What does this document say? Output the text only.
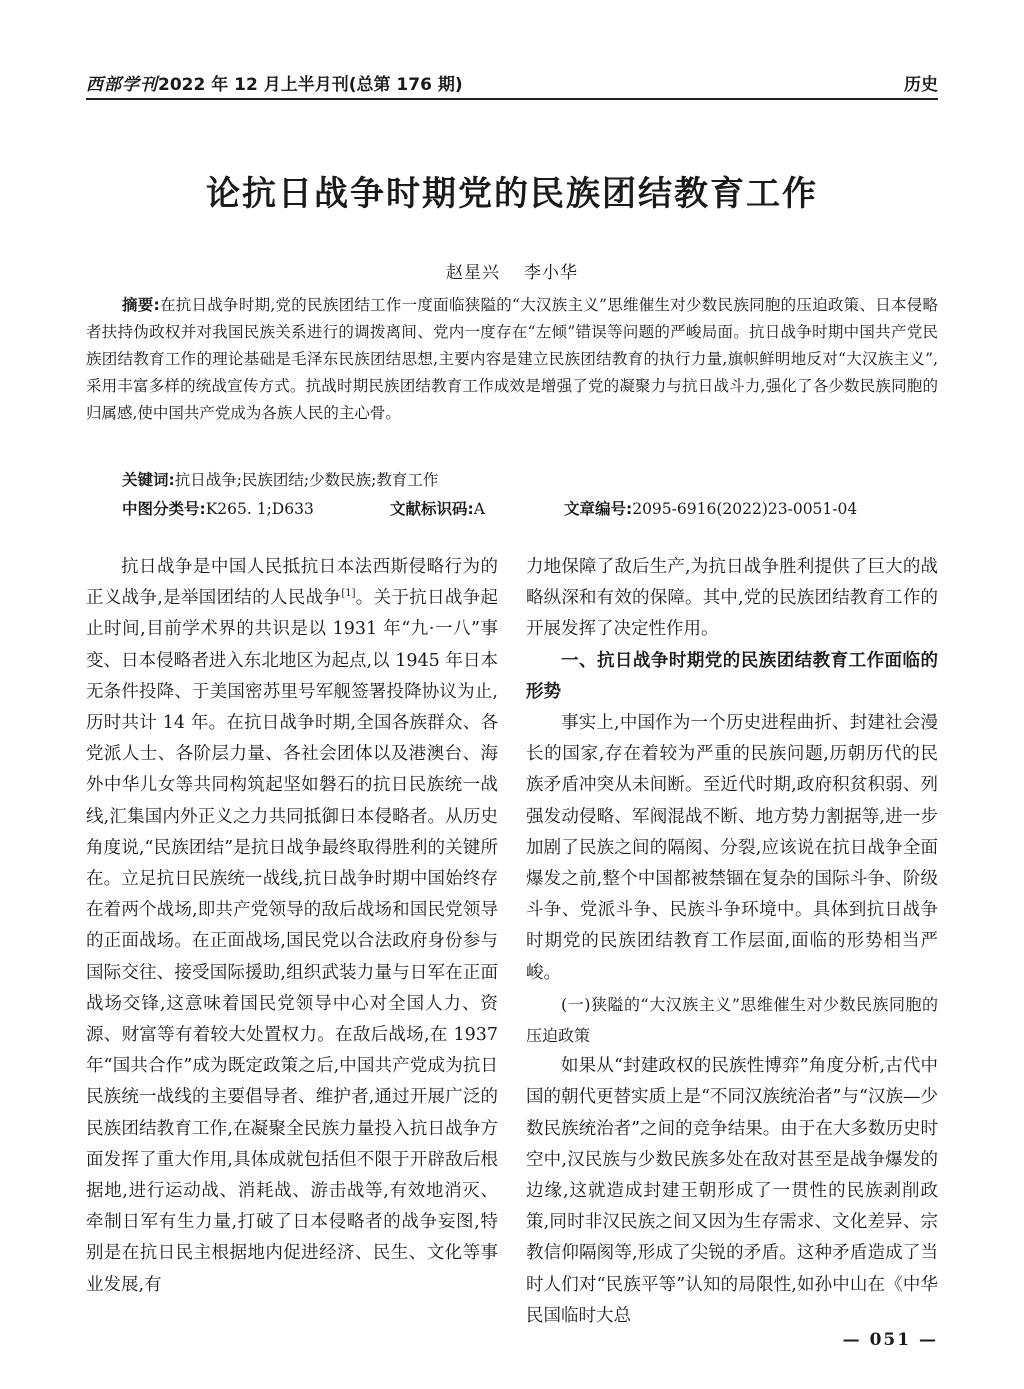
西部学刊2022 年 12 月上半月刊(总第 176 期)	历史
论抗日战争时期党的民族团结教育工作
赵星兴 李小华

摘要:在抗日战争时期,党的民族团结工作一度面临狭隘的“大汉族主义”思维催生对少数民族同胞的压迫政策、日本侵略者扶持伪政权并对我国民族关系进行的调拨离间、党内一度存在“左倾”错误等问题的严峻局面。抗日战争时期中国共产党民族团结教育工作的理论基础是毛泽东民族团结思想,主要内容是建立民族团结教育的执行力量,旗帜鲜明地反对“大汉族主义”,采用丰富多样的统战宣传方式。抗战时期民族团结教育工作成效是增强了党的凝聚力与抗日战斗力,强化了各少数民族同胞的归属感,使中国共产党成为各族人民的主心骨。

关键词:抗日战争;民族团结;少数民族;教育工作
中图分类号:K265. 1;D633	文献标识码:A	文章编号:2095-6916(2022)23-0051-04

抗日战争是中国人民抵抗日本法西斯侵略行为的正义战争,是举国团结的人民战争[1]。关于抗日战争起止时间,目前学术界的共识是以 1931 年“九·一八”事变、日本侵略者进入东北地区为起点,以 1945 年日本无条件投降、于美国密苏里号军舰签署投降协议为止,历时共计 14 年。在抗日战争时期,全国各族群众、各党派人士、各阶层力量、各社会团体以及港澳台、海外中华儿女等共同构筑起坚如磐石的抗日民族统一战线,汇集国内外正义之力共同抵御日本侵略者。从历史角度说,“民族团结”是抗日战争最终取得胜利的关键所在。立足抗日民族统一战线,抗日战争时期中国始终存在着两个战场,即共产党领导的敌后战场和国民党领导的正面战场。在正面战场,国民党以合法政府身份参与国际交往、接受国际援助,组织武装力量与日军在正面战场交锋,这意味着国民党领导中心对全国人力、资源、财富等有着较大处置权力。在敌后战场,在 1937 年“国共合作”成为既定政策之后,中国共产党成为抗日民族统一战线的主要倡导者、维护者,通过开展广泛的民族团结教育工作,在凝聚全民族力量投入抗日战争方面发挥了重大作用,具体成就包括但不限于开辟敌后根据地,进行运动战、消耗战、游击战等,有效地消灭、牵制日军有生力量,打破了日本侵略者的战争妄图,特别是在抗日民主根据地内促进经济、民生、文化等事业发展,有

力地保障了敌后生产,为抗日战争胜利提供了巨大的战略纵深和有效的保障。其中,党的民族团结教育工作的开展发挥了决定性作用。

一、抗日战争时期党的民族团结教育工作面临的形势

事实上,中国作为一个历史进程曲折、封建社会漫长的国家,存在着较为严重的民族问题,历朝历代的民族矛盾冲突从未间断。至近代时期,政府积贫积弱、列强发动侵略、军阀混战不断、地方势力割据等,进一步加剧了民族之间的隔阂、分裂,应该说在抗日战争全面爆发之前,整个中国都被禁锢在复杂的国际斗争、阶级斗争、党派斗争、民族斗争环境中。具体到抗日战争时期党的民族团结教育工作层面,面临的形势相当严峻。

(一)狭隘的“大汉族主义”思维催生对少数民族同胞的压迫政策

如果从“封建政权的民族性博弈”角度分析,古代中国的朝代更替实质上是“不同汉族统治者”与“汉族—少数民族统治者”之间的竞争结果。由于在大多数历史时空中,汉民族与少数民族多处在敌对甚至是战争爆发的边缘,这就造成封建王朝形成了一贯性的民族剥削政策,同时非汉民族之间又因为生存需求、文化差异、宗教信仰隔阂等,形成了尖锐的矛盾。这种矛盾造成了当时人们对“民族平等”认知的局限性,如孙中山在《中华民国临时大总

— 051 —
